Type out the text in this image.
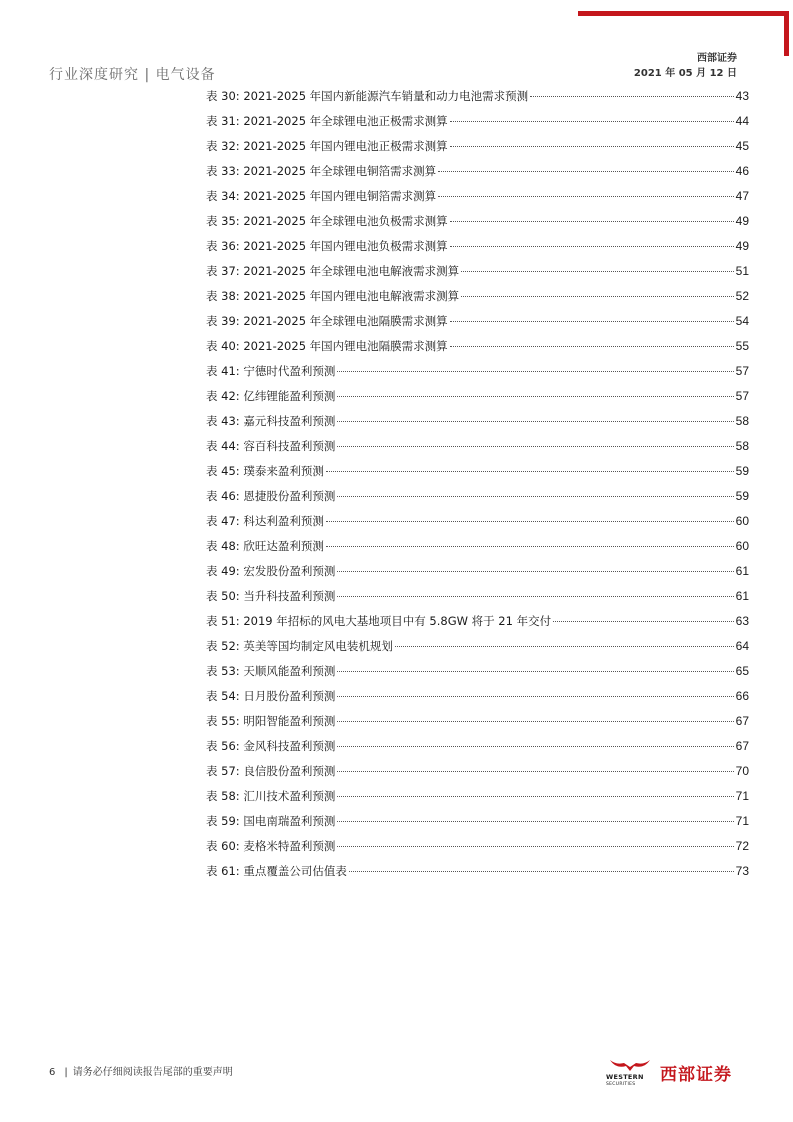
行业深度研究 | 电气设备
西部证券
2021 年 05 月 12 日
表 30: 2021-2025 年国内新能源汽车销量和动力电池需求预测	43
表 31: 2021-2025 年全球锂电池正极需求测算	44
表 32: 2021-2025 年国内锂电池正极需求测算	45
表 33: 2021-2025 年全球锂电铜箔需求测算	46
表 34: 2021-2025 年国内锂电铜箔需求测算	47
表 35: 2021-2025 年全球锂电池负极需求测算	49
表 36: 2021-2025 年国内锂电池负极需求测算	49
表 37: 2021-2025 年全球锂电池电解液需求测算	51
表 38: 2021-2025 年国内锂电池电解液需求测算	52
表 39: 2021-2025 年全球锂电池隔膜需求测算	54
表 40: 2021-2025 年国内锂电池隔膜需求测算	55
表 41: 宁德时代盈利预测	57
表 42: 亿纬锂能盈利预测	57
表 43: 嘉元科技盈利预测	58
表 44: 容百科技盈利预测	58
表 45: 璞泰来盈利预测	59
表 46: 恩捷股份盈利预测	59
表 47: 科达利盈利预测	60
表 48: 欣旺达盈利预测	60
表 49: 宏发股份盈利预测	61
表 50: 当升科技盈利预测	61
表 51: 2019 年招标的风电大基地项目中有 5.8GW 将于 21 年交付	63
表 52: 英美等国均制定风电装机规划	64
表 53: 天顺风能盈利预测	65
表 54: 日月股份盈利预测	66
表 55: 明阳智能盈利预测	67
表 56: 金风科技盈利预测	67
表 57: 良信股份盈利预测	70
表 58: 汇川技术盈利预测	71
表 59: 国电南瑞盈利预测	71
表 60: 麦格米特盈利预测	72
表 61: 重点覆盖公司估值表	73
6 | 请务必仔细阅读报告尾部的重要声明	WESTERN
SECURITIES	西部证券
